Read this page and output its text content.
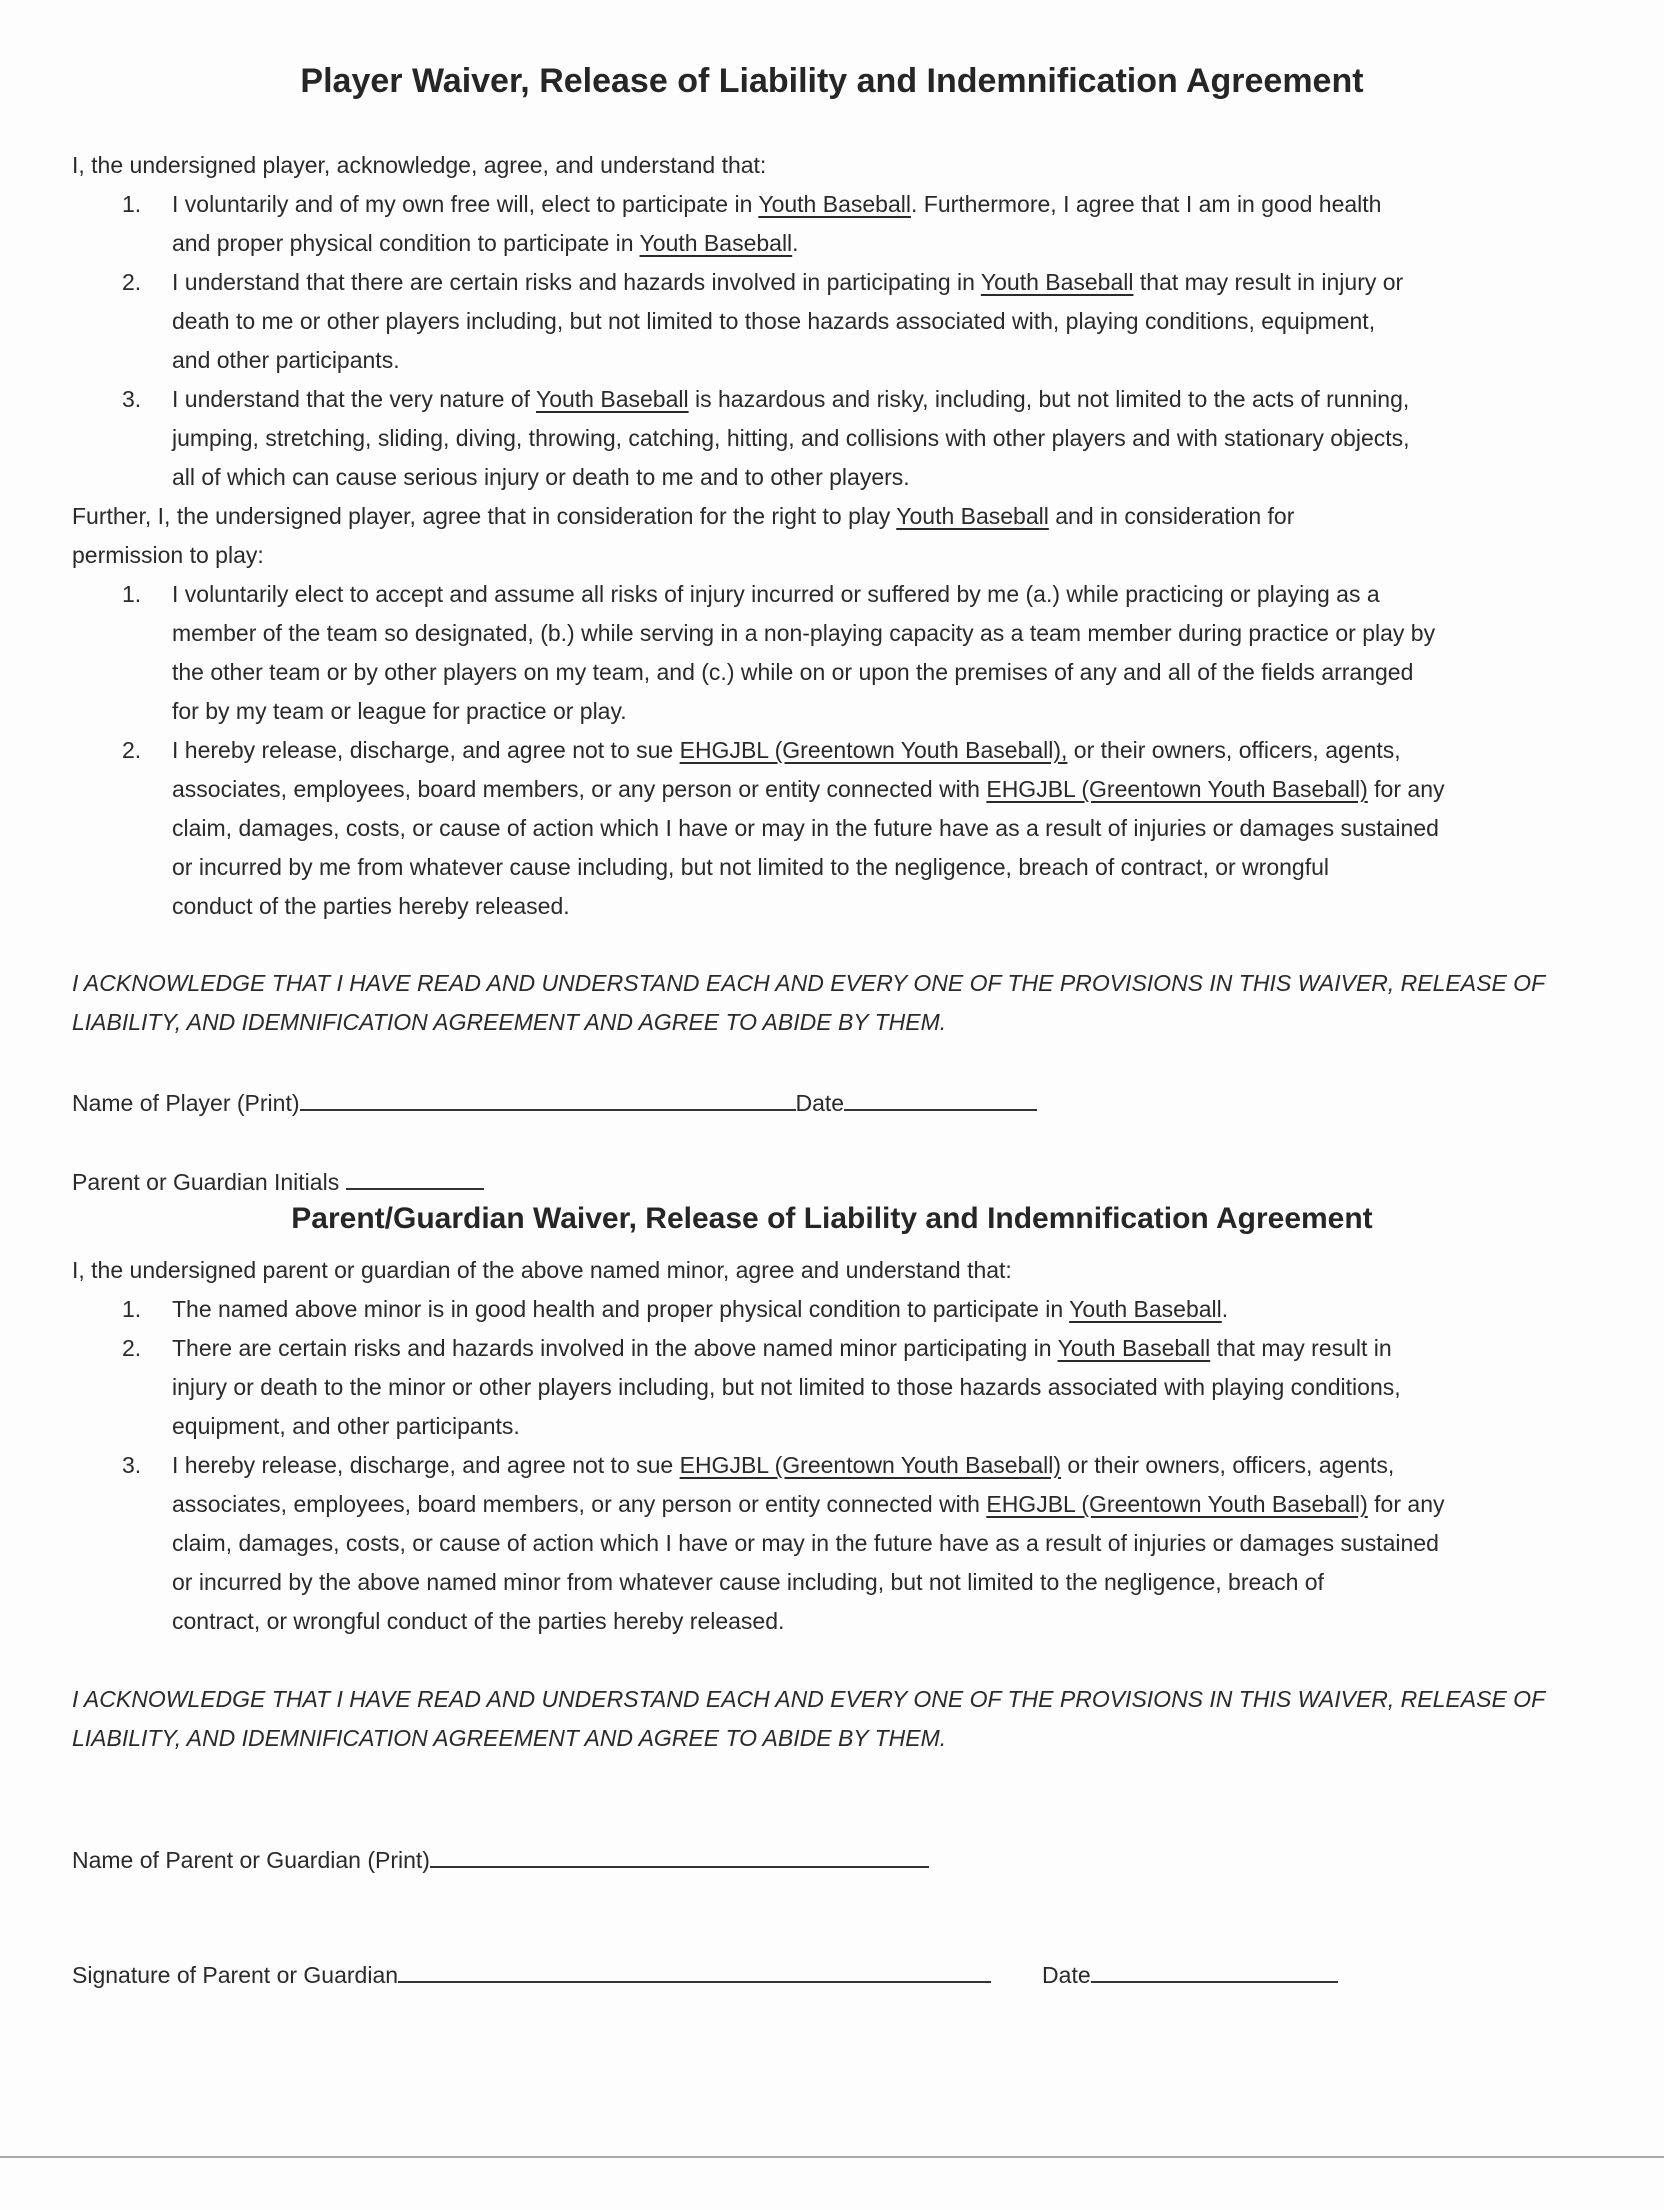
Player Waiver, Release of Liability and Indemnification Agreement
I, the undersigned player, acknowledge, agree, and understand that:
1. I voluntarily and of my own free will, elect to participate in Youth Baseball. Furthermore, I agree that I am in good health
and proper physical condition to participate in Youth Baseball.
2. I understand that there are certain risks and hazards involved in participating in Youth Baseball that may result in injury or
death to me or other players including, but not limited to those hazards associated with, playing conditions, equipment,
and other participants.
3. I understand that the very nature of Youth Baseball is hazardous and risky, including, but not limited to the acts of running,
jumping, stretching, sliding, diving, throwing, catching, hitting, and collisions with other players and with stationary objects,
all of which can cause serious injury or death to me and to other players.
Further, I, the undersigned player, agree that in consideration for the right to play Youth Baseball and in consideration for
permission to play:
1. I voluntarily elect to accept and assume all risks of injury incurred or suffered by me (a.) while practicing or playing as a
member of the team so designated, (b.) while serving in a non-playing capacity as a team member during practice or play by
the other team or by other players on my team, and (c.) while on or upon the premises of any and all of the fields arranged
for by my team or league for practice or play.
2. I hereby release, discharge, and agree not to sue EHGJBL (Greentown Youth Baseball), or their owners, officers, agents,
associates, employees, board members, or any person or entity connected with EHGJBL (Greentown Youth Baseball) for any
claim, damages, costs, or cause of action which I have or may in the future have as a result of injuries or damages sustained
or incurred by me from whatever cause including, but not limited to the negligence, breach of contract, or wrongful
conduct of the parties hereby released.
I ACKNOWLEDGE THAT I HAVE READ AND UNDERSTAND EACH AND EVERY ONE OF THE PROVISIONS IN THIS WAIVER, RELEASE OF
LIABILITY, AND IDEMNIFICATION AGREEMENT AND AGREE TO ABIDE BY THEM.
Name of Player (Print)	Date
Parent or Guardian Initials
Parent/Guardian Waiver, Release of Liability and Indemnification Agreement
I, the undersigned parent or guardian of the above named minor, agree and understand that:
1. The named above minor is in good health and proper physical condition to participate in Youth Baseball.
2. There are certain risks and hazards involved in the above named minor participating in Youth Baseball that may result in
injury or death to the minor or other players including, but not limited to those hazards associated with playing conditions,
equipment, and other participants.
3. I hereby release, discharge, and agree not to sue EHGJBL (Greentown Youth Baseball) or their owners, officers, agents,
associates, employees, board members, or any person or entity connected with EHGJBL (Greentown Youth Baseball) for any
claim, damages, costs, or cause of action which I have or may in the future have as a result of injuries or damages sustained
or incurred by the above named minor from whatever cause including, but not limited to the negligence, breach of
contract, or wrongful conduct of the parties hereby released.
I ACKNOWLEDGE THAT I HAVE READ AND UNDERSTAND EACH AND EVERY ONE OF THE PROVISIONS IN THIS WAIVER, RELEASE OF
LIABILITY, AND IDEMNIFICATION AGREEMENT AND AGREE TO ABIDE BY THEM.
Name of Parent or Guardian (Print)
Signature of Parent or Guardian	Date
